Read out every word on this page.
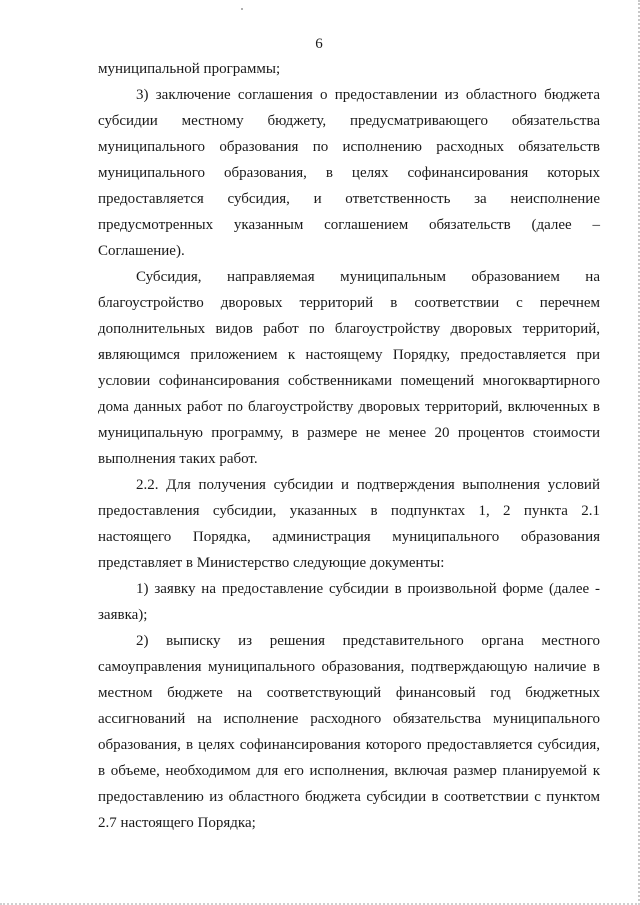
6

муниципальной программы;

3) заключение соглашения о предоставлении из областного бюджета субсидии местному бюджету, предусматривающего обязательства муниципального образования по исполнению расходных обязательств муниципального образования, в целях софинансирования которых предоставляется субсидия, и ответственность за неисполнение предусмотренных указанным соглашением обязательств (далее – Соглашение).

Субсидия, направляемая муниципальным образованием на благоустройство дворовых территорий в соответствии с перечнем дополнительных видов работ по благоустройству дворовых территорий, являющимся приложением к настоящему Порядку, предоставляется при условии софинансирования собственниками помещений многоквартирного дома данных работ по благоустройству дворовых территорий, включенных в муниципальную программу, в размере не менее 20 процентов стоимости выполнения таких работ.

2.2. Для получения субсидии и подтверждения выполнения условий предоставления субсидии, указанных в подпунктах 1, 2 пункта 2.1 настоящего Порядка, администрация муниципального образования представляет в Министерство следующие документы:

1) заявку на предоставление субсидии в произвольной форме (далее - заявка);

2) выписку из решения представительного органа местного самоуправления муниципального образования, подтверждающую наличие в местном бюджете на соответствующий финансовый год бюджетных ассигнований на исполнение расходного обязательства муниципального образования, в целях софинансирования которого предоставляется субсидия, в объеме, необходимом для его исполнения, включая размер планируемой к предоставлению из областного бюджета субсидии в соответствии с пунктом 2.7 настоящего Порядка;
